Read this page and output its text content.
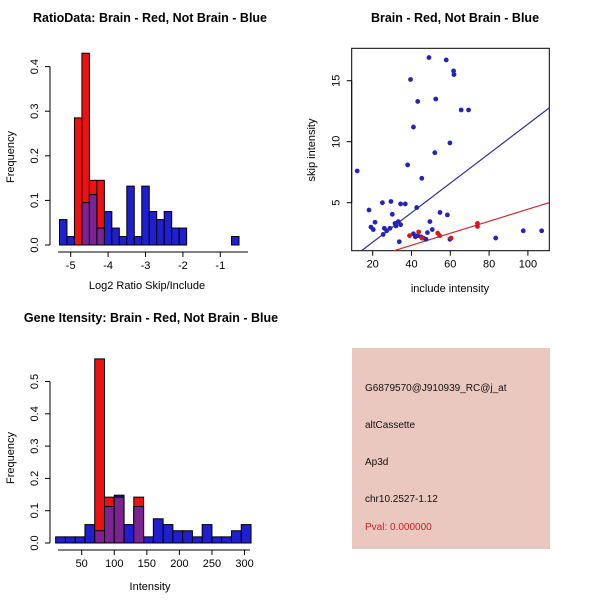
RatioData: Brain - Red, Not Brain - Blue
Log2 Ratio Skip/Include
Frequency
-5	-4	-3	-2	-1
0.0
0.1
0.2
0.3
0.4
Brain - Red, Not Brain - Blue
include intensity
skip intensity
20 40 60 80 100
5
10
15
Gene Itensity: Brain - Red, Not Brain - Blue
Intensity
Frequency
50 100 150 200 250 300
0.0
0.1
0.2
0.3
0.4
0.5	G6879570@J910939_RC@j_at
altCassette
Ap3d
chr10.2527-1.12
Pval: 0.000000
